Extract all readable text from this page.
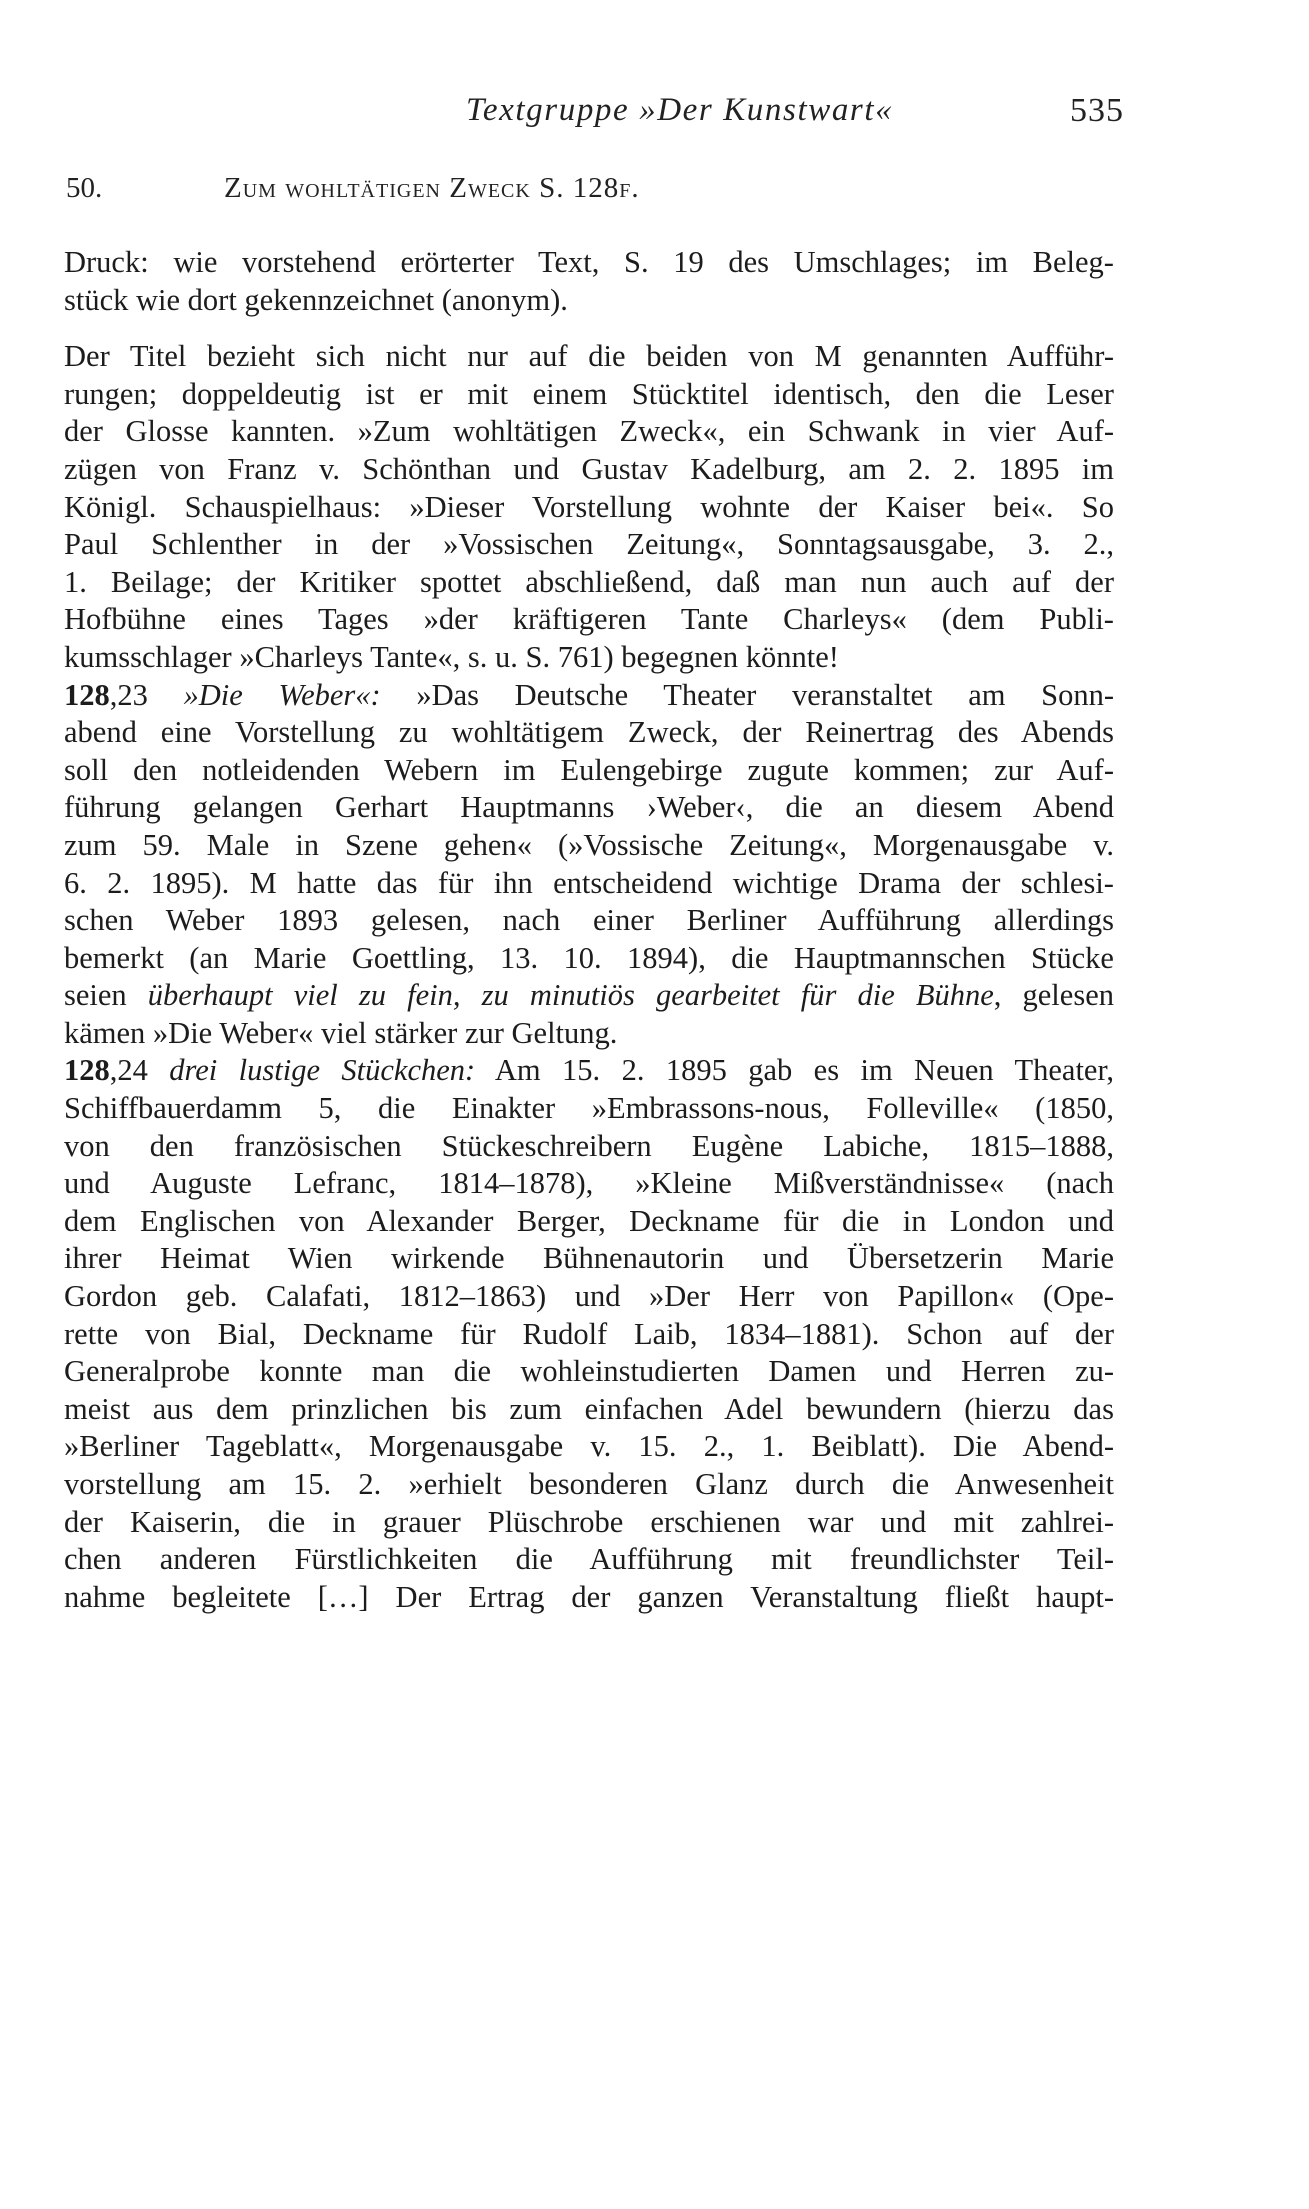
Textgruppe »Der Kunstwart«	535
50.	Zum wohltätigen Zweck S. 128f.

Druck: wie vorstehend erörterter Text, S. 19 des Umschlages; im Beleg-
stück wie dort gekennzeichnet (anonym).

Der Titel bezieht sich nicht nur auf die beiden von M genannten Aufführ-
rungen; doppeldeutig ist er mit einem Stücktitel identisch, den die Leser
der Glosse kannten. »Zum wohltätigen Zweck«, ein Schwank in vier Auf-
zügen von Franz v. Schönthan und Gustav Kadelburg, am 2. 2. 1895 im
Königl. Schauspielhaus: »Dieser Vorstellung wohnte der Kaiser bei«. So
Paul Schlenther in der »Vossischen Zeitung«, Sonntagsausgabe, 3. 2.,
1. Beilage; der Kritiker spottet abschließend, daß man nun auch auf der
Hofbühne eines Tages »der kräftigeren Tante Charleys« (dem Publi-
kumsschlager »Charleys Tante«, s. u. S. 761) begegnen könnte!

128,23 »Die Weber«: »Das Deutsche Theater veranstaltet am Sonn-
abend eine Vorstellung zu wohltätigem Zweck, der Reinertrag des Abends
soll den notleidenden Webern im Eulengebirge zugute kommen; zur Auf-
führung gelangen Gerhart Hauptmanns ›Weber‹, die an diesem Abend
zum 59. Male in Szene gehen« (»Vossische Zeitung«, Morgenausgabe v.
6. 2. 1895). M hatte das für ihn entscheidend wichtige Drama der schlesi-
schen Weber 1893 gelesen, nach einer Berliner Aufführung allerdings
bemerkt (an Marie Goettling, 13. 10. 1894), die Hauptmannschen Stücke
seien überhaupt viel zu fein, zu minutiös gearbeitet für die Bühne, gelesen
kämen »Die Weber« viel stärker zur Geltung.

128,24 drei lustige Stückchen: Am 15. 2. 1895 gab es im Neuen Theater,
Schiffbauerdamm 5, die Einakter »Embrassons-nous, Folleville« (1850,
von den französischen Stückeschreibern Eugène Labiche, 1815–1888,
und Auguste Lefranc, 1814–1878), »Kleine Mißverständnisse« (nach
dem Englischen von Alexander Berger, Deckname für die in London und
ihrer Heimat Wien wirkende Bühnenautorin und Übersetzerin Marie
Gordon geb. Calafati, 1812–1863) und »Der Herr von Papillon« (Ope-
rette von Bial, Deckname für Rudolf Laib, 1834–1881). Schon auf der
Generalprobe konnte man die wohleinstudierten Damen und Herren zu-
meist aus dem prinzlichen bis zum einfachen Adel bewundern (hierzu das
»Berliner Tageblatt«, Morgenausgabe v. 15. 2., 1. Beiblatt). Die Abend-
vorstellung am 15. 2. »erhielt besonderen Glanz durch die Anwesenheit
der Kaiserin, die in grauer Plüschrobe erschienen war und mit zahlrei-
chen anderen Fürstlichkeiten die Aufführung mit freundlichster Teil-
nahme begleitete […] Der Ertrag der ganzen Veranstaltung fließt haupt-
